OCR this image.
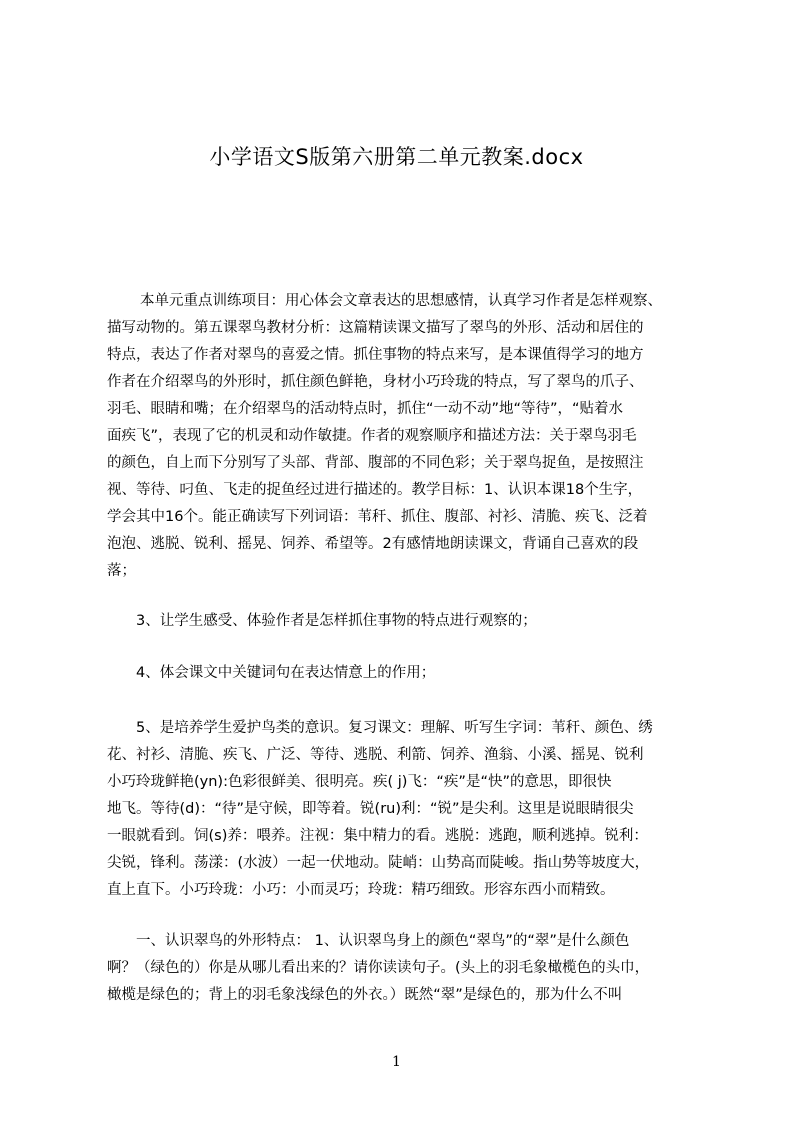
小学语文S版第六册第二单元教案.docx
本单元重点训练项目：用心体会文章表达的思想感情，认真学习作者是怎样观察、
描写动物的。第五课翠鸟教材分析：这篇精读课文描写了翠鸟的外形、活动和居住的
特点，表达了作者对翠鸟的喜爱之情。抓住事物的特点来写，是本课值得学习的地方
作者在介绍翠鸟的外形时，抓住颜色鲜艳，身材小巧玲珑的特点，写了翠鸟的爪子、
羽毛、眼睛和嘴；在介绍翠鸟的活动特点时，抓住“一动不动”地“等待”，“贴着水
面疾飞”，表现了它的机灵和动作敏捷。作者的观察顺序和描述方法：关于翠鸟羽毛
的颜色，自上而下分别写了头部、背部、腹部的不同色彩；关于翠鸟捉鱼，是按照注
视、等待、叼鱼、飞走的捉鱼经过进行描述的。教学目标：1、认识本课18个生字，
学会其中16个。能正确读写下列词语：苇秆、抓住、腹部、衬衫、清脆、疾飞、泛着
泡泡、逃脱、锐利、摇晃、饲养、希望等。2有感情地朗读课文，背诵自己喜欢的段
落；
3、让学生感受、体验作者是怎样抓住事物的特点进行观察的；
4、体会课文中关键词句在表达情意上的作用；
5、是培养学生爱护鸟类的意识。复习课文：理解、听写生字词：苇秆、颜色、绣
花、衬衫、清脆、疾飞、广泛、等待、逃脱、利箭、饲养、渔翁、小溪、摇晃、锐利
小巧玲珑鲜艳(yn):色彩很鲜美、很明亮。疾( j)飞：“疾”是“快”的意思，即很快
地飞。等待(d)：“待”是守候，即等着。锐(ru)利：“锐”是尖利。这里是说眼睛很尖
一眼就看到。饲(s)养：喂养。注视：集中精力的看。逃脱：逃跑，顺利逃掉。锐利：
尖锐，锋利。荡漾：(水波）一起一伏地动。陡峭：山势高而陡峻。指山势等坡度大，
直上直下。小巧玲珑：小巧：小而灵巧；玲珑：精巧细致。形容东西小而精致。
一、认识翠鸟的外形特点： 1、认识翠鸟身上的颜色“翠鸟”的“翠”是什么颜色
啊？（绿色的）你是从哪儿看出来的？请你读读句子。(头上的羽毛象橄榄色的头巾，
橄榄是绿色的；背上的羽毛象浅绿色的外衣。）既然“翠”是绿色的，那为什么不叫
1
